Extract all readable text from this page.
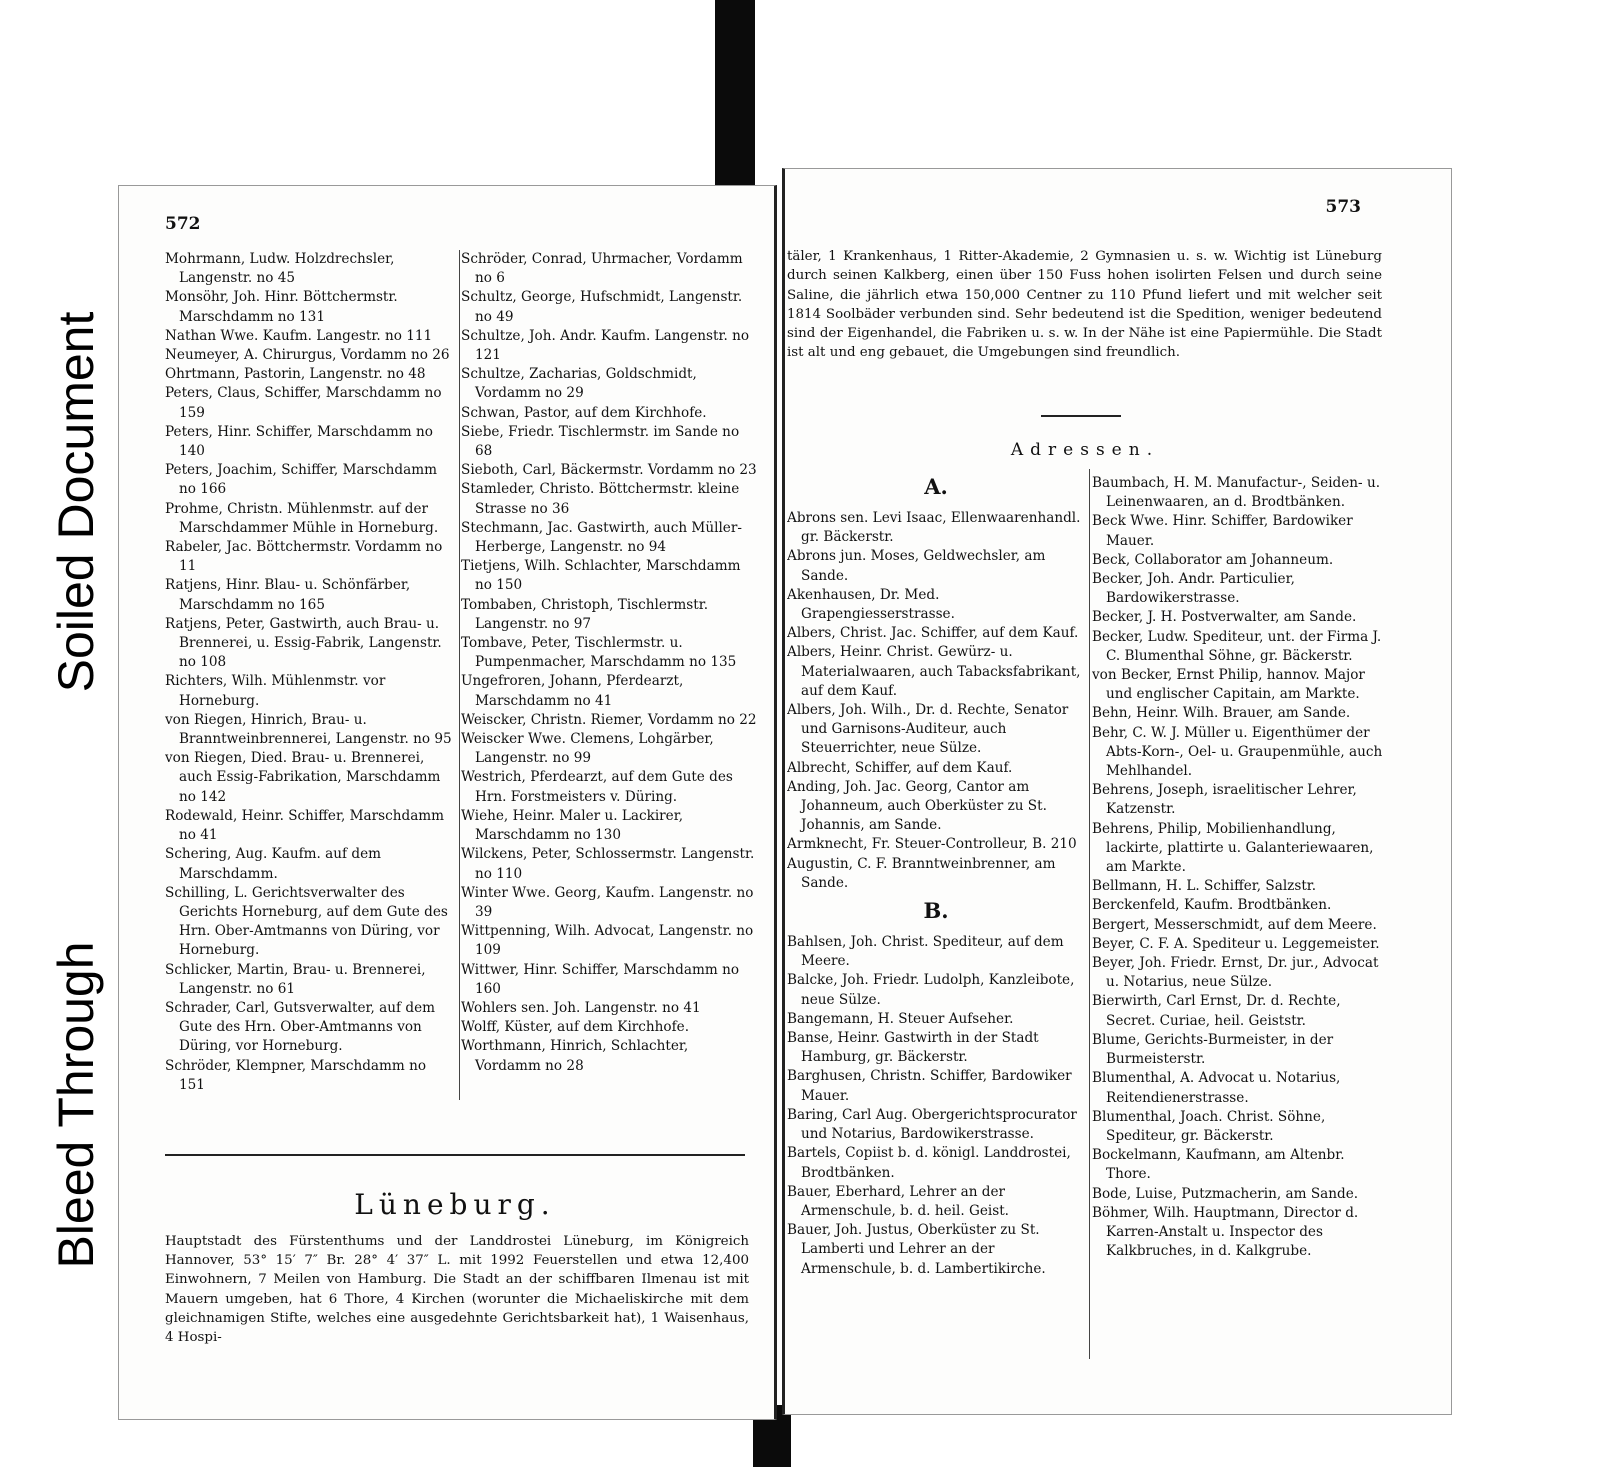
Soiled Document
Bleed Through
572
Mohrmann, Ludw. Holzdrechsler, Langenstr. no 45
Monsöhr, Joh. Hinr. Böttchermstr. Marschdamm no 131
Nathan Wwe. Kaufm. Langestr. no 111
Neumeyer, A. Chirurgus, Vordamm no 26
Ohrtmann, Pastorin, Langenstr. no 48
Peters, Claus, Schiffer, Marschdamm no 159
Peters, Hinr. Schiffer, Marschdamm no 140
Peters, Joachim, Schiffer, Marschdamm no 166
Prohme, Christn. Mühlenmstr. auf der Marschdammer Mühle in Horneburg.
Rabeler, Jac. Böttchermstr. Vordamm no 11
Ratjens, Hinr. Blau- u. Schönfärber, Marschdamm no 165
Ratjens, Peter, Gastwirth, auch Brau- u. Brennerei, u. Essig-Fabrik, Langenstr. no 108
Richters, Wilh. Mühlenmstr. vor Horneburg.
von Riegen, Hinrich, Brau- u. Branntweinbrennerei, Langenstr. no 95
von Riegen, Died. Brau- u. Brennerei, auch Essig-Fabrikation, Marschdamm no 142
Rodewald, Heinr. Schiffer, Marschdamm no 41
Schering, Aug. Kaufm. auf dem Marschdamm.
Schilling, L. Gerichtsverwalter des Gerichts Horneburg, auf dem Gute des Hrn. Ober-Amtmanns von Düring, vor Horneburg.
Schlicker, Martin, Brau- u. Brennerei, Langenstr. no 61
Schrader, Carl, Gutsverwalter, auf dem Gute des Hrn. Ober-Amtmanns von Düring, vor Horneburg.
Schröder, Klempner, Marschdamm no 151
Schröder, Conrad, Uhrmacher, Vordamm no 6
Schultz, George, Hufschmidt, Langenstr. no 49
Schultze, Joh. Andr. Kaufm. Langenstr. no 121
Schultze, Zacharias, Goldschmidt, Vordamm no 29
Schwan, Pastor, auf dem Kirchhofe.
Siebe, Friedr. Tischlermstr. im Sande no 68
Sieboth, Carl, Bäckermstr. Vordamm no 23
Stamleder, Christo. Böttchermstr. kleine Strasse no 36
Stechmann, Jac. Gastwirth, auch Müller-Herberge, Langenstr. no 94
Tietjens, Wilh. Schlachter, Marschdamm no 150
Tombaben, Christoph, Tischlermstr. Langenstr. no 97
Tombave, Peter, Tischlermstr. u. Pumpenmacher, Marschdamm no 135
Ungefroren, Johann, Pferdearzt, Marschdamm no 41
Weiscker, Christn. Riemer, Vordamm no 22
Weiscker Wwe. Clemens, Lohgärber, Langenstr. no 99
Westrich, Pferdearzt, auf dem Gute des Hrn. Forstmeisters v. Düring.
Wiehe, Heinr. Maler u. Lackirer, Marschdamm no 130
Wilckens, Peter, Schlossermstr. Langenstr. no 110
Winter Wwe. Georg, Kaufm. Langenstr. no 39
Wittpenning, Wilh. Advocat, Langenstr. no 109
Wittwer, Hinr. Schiffer, Marschdamm no 160
Wohlers sen. Joh. Langenstr. no 41
Wolff, Küster, auf dem Kirchhofe.
Worthmann, Hinrich, Schlachter, Vordamm no 28
Lüneburg.
Hauptstadt des Fürstenthums und der Landdrostei Lüneburg, im Königreich Hannover, 53° 15′ 7″ Br. 28° 4′ 37″ L. mit 1992 Feuerstellen und etwa 12,400 Einwohnern, 7 Meilen von Hamburg. Die Stadt an der schiffbaren Ilmenau ist mit Mauern umgeben, hat 6 Thore, 4 Kirchen (worunter die Michaeliskirche mit dem gleichnamigen Stifte, welches eine ausgedehnte Gerichtsbarkeit hat), 1 Waisenhaus, 4 Hospi-
573
täler, 1 Krankenhaus, 1 Ritter-Akademie, 2 Gymnasien u. s. w. Wichtig ist Lüneburg durch seinen Kalkberg, einen über 150 Fuss hohen isolirten Felsen und durch seine Saline, die jährlich etwa 150,000 Centner zu 110 Pfund liefert und mit welcher seit 1814 Soolbäder verbunden sind. Sehr bedeutend ist die Spedition, weniger bedeutend sind der Eigenhandel, die Fabriken u. s. w. In der Nähe ist eine Papiermühle. Die Stadt ist alt und eng gebauet, die Umgebungen sind freundlich.
Adressen.
A.
Abrons sen. Levi Isaac, Ellenwaarenhandl. gr. Bäckerstr.
Abrons jun. Moses, Geldwechsler, am Sande.
Akenhausen, Dr. Med. Grapengiesserstrasse.
Albers, Christ. Jac. Schiffer, auf dem Kauf.
Albers, Heinr. Christ. Gewürz- u. Materialwaaren, auch Tabacksfabrikant, auf dem Kauf.
Albers, Joh. Wilh., Dr. d. Rechte, Senator und Garnisons-Auditeur, auch Steuerrichter, neue Sülze.
Albrecht, Schiffer, auf dem Kauf.
Anding, Joh. Jac. Georg, Cantor am Johanneum, auch Oberküster zu St. Johannis, am Sande.
Armknecht, Fr. Steuer-Controlleur, B. 210
Augustin, C. F. Branntweinbrenner, am Sande.
B.
Bahlsen, Joh. Christ. Spediteur, auf dem Meere.
Balcke, Joh. Friedr. Ludolph, Kanzleibote, neue Sülze.
Bangemann, H. Steuer Aufseher.
Banse, Heinr. Gastwirth in der Stadt Hamburg, gr. Bäckerstr.
Barghusen, Christn. Schiffer, Bardowiker Mauer.
Baring, Carl Aug. Obergerichtsprocurator und Notarius, Bardowikerstrasse.
Bartels, Copiist b. d. königl. Landdrostei, Brodtbänken.
Bauer, Eberhard, Lehrer an der Armenschule, b. d. heil. Geist.
Bauer, Joh. Justus, Oberküster zu St. Lamberti und Lehrer an der Armenschule, b. d. Lambertikirche.
Baumbach, H. M. Manufactur-, Seiden- u. Leinenwaaren, an d. Brodtbänken.
Beck Wwe. Hinr. Schiffer, Bardowiker Mauer.
Beck, Collaborator am Johanneum.
Becker, Joh. Andr. Particulier, Bardowikerstrasse.
Becker, J. H. Postverwalter, am Sande.
Becker, Ludw. Spediteur, unt. der Firma J. C. Blumenthal Söhne, gr. Bäckerstr.
von Becker, Ernst Philip, hannov. Major und englischer Capitain, am Markte.
Behn, Heinr. Wilh. Brauer, am Sande.
Behr, C. W. J. Müller u. Eigenthümer der Abts-Korn-, Oel- u. Graupenmühle, auch Mehlhandel.
Behrens, Joseph, israelitischer Lehrer, Katzenstr.
Behrens, Philip, Mobilienhandlung, lackirte, plattirte u. Galanteriewaaren, am Markte.
Bellmann, H. L. Schiffer, Salzstr.
Berckenfeld, Kaufm. Brodtbänken.
Bergert, Messerschmidt, auf dem Meere.
Beyer, C. F. A. Spediteur u. Leggemeister.
Beyer, Joh. Friedr. Ernst, Dr. jur., Advocat u. Notarius, neue Sülze.
Bierwirth, Carl Ernst, Dr. d. Rechte, Secret. Curiae, heil. Geiststr.
Blume, Gerichts-Burmeister, in der Burmeisterstr.
Blumenthal, A. Advocat u. Notarius, Reitendienerstrasse.
Blumenthal, Joach. Christ. Söhne, Spediteur, gr. Bäckerstr.
Bockelmann, Kaufmann, am Altenbr. Thore.
Bode, Luise, Putzmacherin, am Sande.
Böhmer, Wilh. Hauptmann, Director d. Karren-Anstalt u. Inspector des Kalkbruches, in d. Kalkgrube.
